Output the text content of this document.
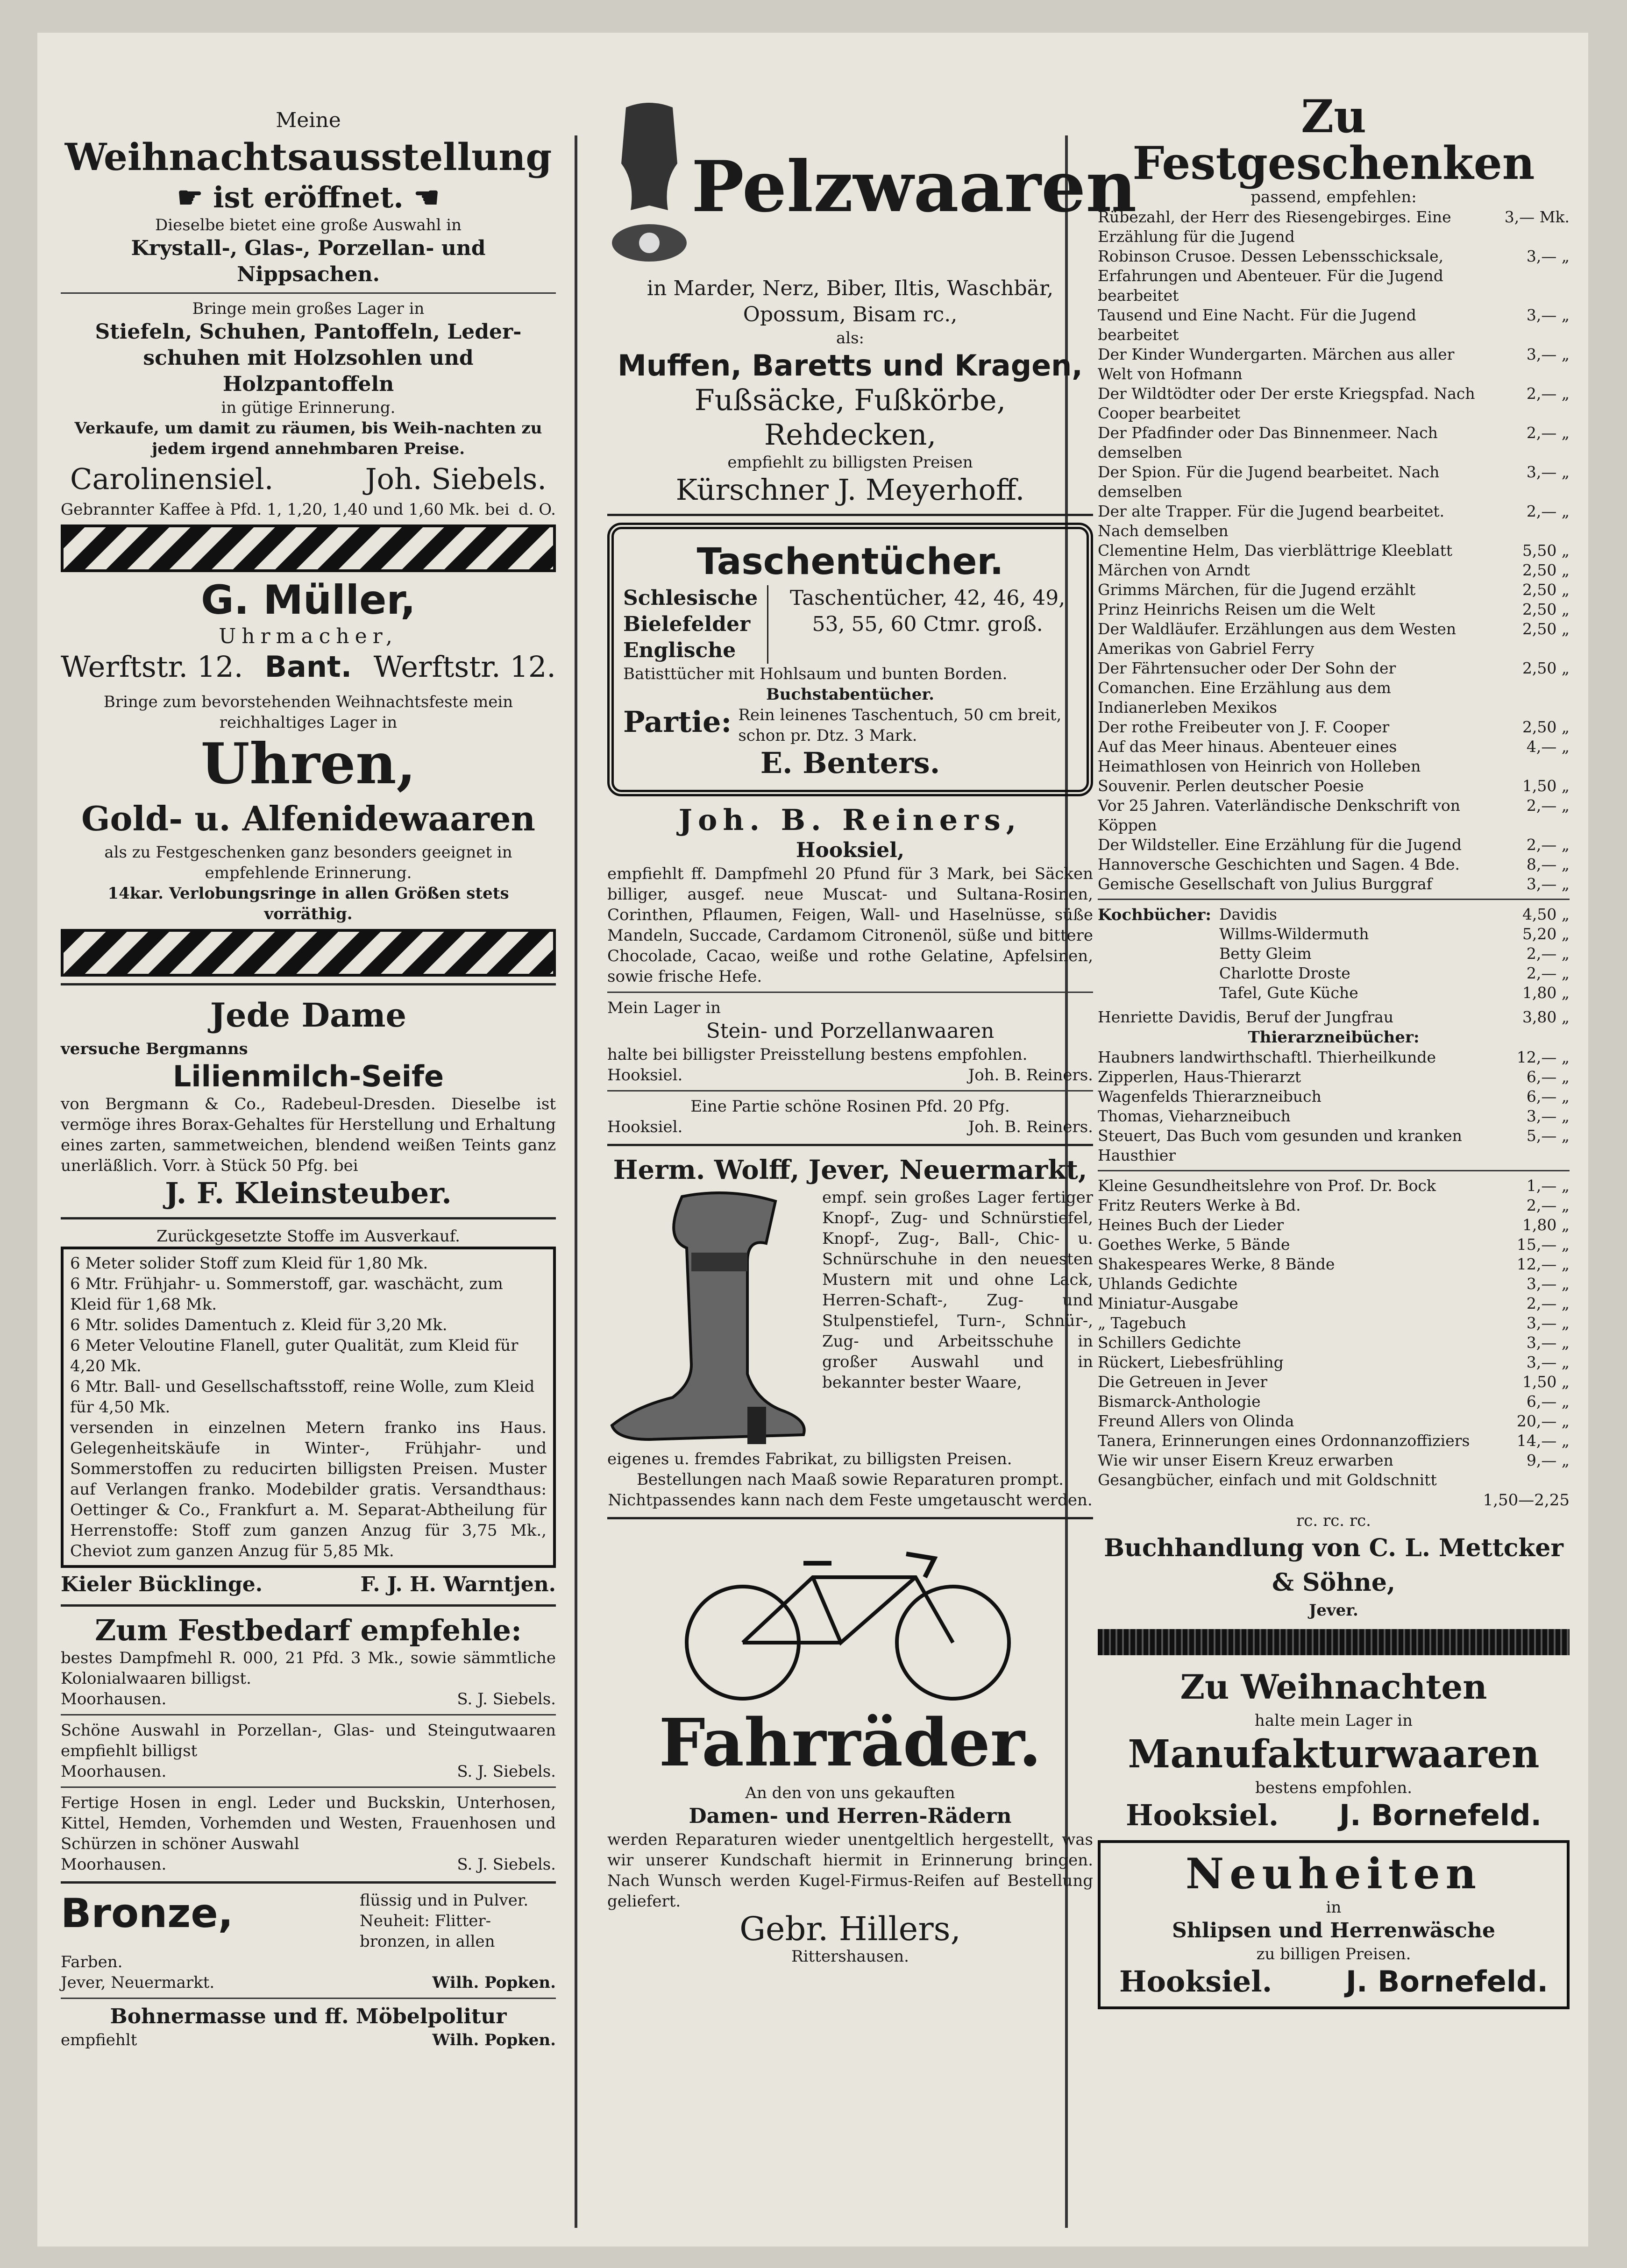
Meine
Weihnachtsausstellung
☛ ist eröffnet. ☚
Dieselbe bietet eine große Auswahl in
Krystall-, Glas-, Porzellan- und Nippsachen.
Bringe mein großes Lager in
Stiefeln, Schuhen, Pantoffeln, Leder-
schuhen mit Holzsohlen und
Holzpantoffeln
in gütige Erinnerung.
Verkaufe, um damit zu räumen, bis Weih-nachten zu jedem irgend annehmbaren Preise.
Carolinensiel.	Joh. Siebels.
Gebrannter Kaffee à Pfd. 1, 1,20, 1,40 und 1,60 Mk. bei d. O.
G. Müller,
Uhrmacher,
Werftstr. 12. Bant. Werftstr. 12.
Bringe zum bevorstehenden Weihnachtsfeste mein reichhaltiges Lager in
Uhren,
Gold- u. Alfenidewaaren
als zu Festgeschenken ganz besonders geeignet in empfehlende Erinnerung.
14kar. Verlobungsringe in allen Größen stets vorräthig.
Jede Dame
versuche Bergmanns
Lilienmilch-Seife
von Bergmann & Co., Radebeul-Dresden. Dieselbe ist vermöge ihres Borax-Gehaltes für Herstellung und Erhaltung eines zarten, sammetweichen, blendend weißen Teints ganz unerläßlich. Vorr. à Stück 50 Pfg. bei
J. F. Kleinsteuber.
Zurückgesetzte Stoffe im Ausverkauf.
6 Meter solider Stoff zum Kleid für 1,80 Mk.
6 Mtr. Frühjahr- u. Sommerstoff, gar. waschächt, zum Kleid für 1,68 Mk.
6 Mtr. solides Damentuch z. Kleid für 3,20 Mk.
6 Meter Veloutine Flanell, guter Qualität, zum Kleid für 4,20 Mk.
6 Mtr. Ball- und Gesellschaftsstoff, reine Wolle, zum Kleid für 4,50 Mk.
versenden in einzelnen Metern franko ins Haus. Gelegenheitskäufe in Winter-, Frühjahr- und Sommerstoffen zu reducirten billigsten Preisen. Muster auf Verlangen franko. Modebilder gratis. Versandthaus: Oettinger & Co., Frankfurt a. M. Separat-Abtheilung für Herrenstoffe: Stoff zum ganzen Anzug für 3,75 Mk., Cheviot zum ganzen Anzug für 5,85 Mk.
Kieler Bücklinge.	F. J. H. Warntjen.
Zum Festbedarf empfehle:
bestes Dampfmehl R. 000, 21 Pfd. 3 Mk., sowie sämmtliche Kolonialwaaren billigst.
Moorhausen.	S. J. Siebels.
Schöne Auswahl in Porzellan-, Glas- und Steingutwaaren empfiehlt billigst
Moorhausen.	S. J. Siebels.
Fertige Hosen in engl. Leder und Buckskin, Unterhosen, Kittel, Hemden, Vorhemden und Westen, Frauenhosen und Schürzen in schöner Auswahl
Moorhausen.	S. J. Siebels.
Bronze,	flüssig und in Pulver. Neuheit: Flitter-bronzen, in allen
Farben.
Jever, Neuermarkt.	Wilh. Popken.
Bohnermasse und ff. Möbelpolitur
empfiehlt	Wilh. Popken.
Pelzwaaren
in Marder, Nerz, Biber, Iltis, Waschbär, Opossum, Bisam rc.,
als:
Muffen, Baretts und Kragen,
Fußsäcke, Fußkörbe, Rehdecken,
empfiehlt zu billigsten Preisen
Kürschner J. Meyerhoff.
Taschentücher.
Schlesische
Bielefelder
Englische
Taschentücher, 42, 46, 49, 53, 55, 60 Ctmr. groß.
Batisttücher mit Hohlsaum und bunten Borden.
Buchstabentücher.
Partie: Rein leinenes Taschentuch, 50 cm breit, schon pr. Dtz. 3 Mark.
E. Benters.
Joh. B. Reiners,
Hooksiel,
empfiehlt ff. Dampfmehl 20 Pfund für 3 Mark, bei Säcken billiger, ausgef. neue Muscat- und Sultana-Rosinen, Corinthen, Pflaumen, Feigen, Wall- und Haselnüsse, süße Mandeln, Succade, Cardamom Citronenöl, süße und bittere Chocolade, Cacao, weiße und rothe Gelatine, Apfelsinen, sowie frische Hefe.
Mein Lager in
Stein- und Porzellanwaaren
halte bei billigster Preisstellung bestens empfohlen.
Hooksiel.	Joh. B. Reiners.
Eine Partie schöne Rosinen Pfd. 20 Pfg.
Hooksiel.	Joh. B. Reiners.
Herm. Wolff, Jever, Neuermarkt,
empf. sein großes Lager fertiger Knopf-, Zug- und Schnürstiefel, Knopf-, Zug-, Ball-, Chic- u. Schnürschuhe in den neuesten Mustern mit und ohne Lack, Herren-Schaft-, Zug- und Stulpenstiefel, Turn-, Schnür-, Zug- und Arbeitsschuhe in großer Auswahl und in bekannter bester Waare,
eigenes u. fremdes Fabrikat, zu billigsten Preisen.
Bestellungen nach Maaß sowie Reparaturen prompt. Nichtpassendes kann nach dem Feste umgetauscht werden.
Fahrräder.
An den von uns gekauften
Damen- und Herren-Rädern
werden Reparaturen wieder unentgeltlich hergestellt, was wir unserer Kundschaft hiermit in Erinnerung bringen. Nach Wunsch werden Kugel-Firmus-Reifen auf Bestellung geliefert.
Gebr. Hillers,
Rittershausen.
Zu Festgeschenken
passend, empfehlen:
Rübezahl, der Herr des Riesengebirges. Eine Erzählung für die Jugend
3,— Mk.
Robinson Crusoe. Dessen Lebensschicksale, Erfahrungen und Abenteuer. Für die Jugend bearbeitet
3,— „
Tausend und Eine Nacht. Für die Jugend bearbeitet
3,— „
Der Kinder Wundergarten. Märchen aus aller Welt von Hofmann
3,— „
Der Wildtödter oder Der erste Kriegspfad. Nach Cooper bearbeitet
2,— „
Der Pfadfinder oder Das Binnenmeer. Nach demselben
2,— „
Der Spion. Für die Jugend bearbeitet. Nach demselben
3,— „
Der alte Trapper. Für die Jugend bearbeitet. Nach demselben
2,— „
Clementine Helm, Das vierblättrige Kleeblatt	5,50 „
Märchen von Arndt	2,50 „
Grimms Märchen, für die Jugend erzählt	2,50 „
Prinz Heinrichs Reisen um die Welt	2,50 „
Der Waldläufer. Erzählungen aus dem Westen Amerikas von Gabriel Ferry
2,50 „
Der Fährtensucher oder Der Sohn der Comanchen. Eine Erzählung aus dem Indianerleben Mexikos
2,50 „
Der rothe Freibeuter von J. F. Cooper	2,50 „
Auf das Meer hinaus. Abenteuer eines Heimathlosen von Heinrich von Holleben
4,— „
Souvenir. Perlen deutscher Poesie	1,50 „
Vor 25 Jahren. Vaterländische Denkschrift von Köppen
2,— „
Der Wildsteller. Eine Erzählung für die Jugend	2,— „
Hannoversche Geschichten und Sagen. 4 Bde.	8,— „
Gemische Gesellschaft von Julius Burggraf	3,— „
Kochbücher: Davidis	4,50 „
Willms-Wildermuth	5,20 „
Betty Gleim	2,— „
Charlotte Droste	2,— „
Tafel, Gute Küche	1,80 „
Henriette Davidis, Beruf der Jungfrau	3,80 „
Thierarzneibücher:
Haubners landwirthschaftl. Thierheilkunde	12,— „
Zipperlen, Haus-Thierarzt	6,— „
Wagenfelds Thierarzneibuch	6,— „
Thomas, Vieharzneibuch	3,— „
Steuert, Das Buch vom gesunden und kranken Hausthier
5,— „
Kleine Gesundheitslehre von Prof. Dr. Bock	1,— „
Fritz Reuters Werke à Bd.	2,— „
Heines Buch der Lieder	1,80 „
Goethes Werke, 5 Bände	15,— „
Shakespeares Werke, 8 Bände	12,— „
Uhlands Gedichte	3,— „
Miniatur-Ausgabe	2,— „
„ Tagebuch	3,— „
Schillers Gedichte	3,— „
Rückert, Liebesfrühling	3,— „
Die Getreuen in Jever	1,50 „
Bismarck-Anthologie	6,— „
Freund Allers von Olinda	20,— „
Tanera, Erinnerungen eines Ordonnanzoffiziers	14,— „
Wie wir unser Eisern Kreuz erwarben	9,— „
Gesangbücher, einfach und mit Goldschnitt
1,50—2,25
rc. rc. rc.
Buchhandlung von C. L. Mettcker & Söhne,
Jever.
Zu Weihnachten
halte mein Lager in
Manufakturwaaren
bestens empfohlen.
Hooksiel. J. Bornefeld.
Neuheiten
in
Shlipsen und Herrenwäsche
zu billigen Preisen.
Hooksiel.	J. Bornefeld.
